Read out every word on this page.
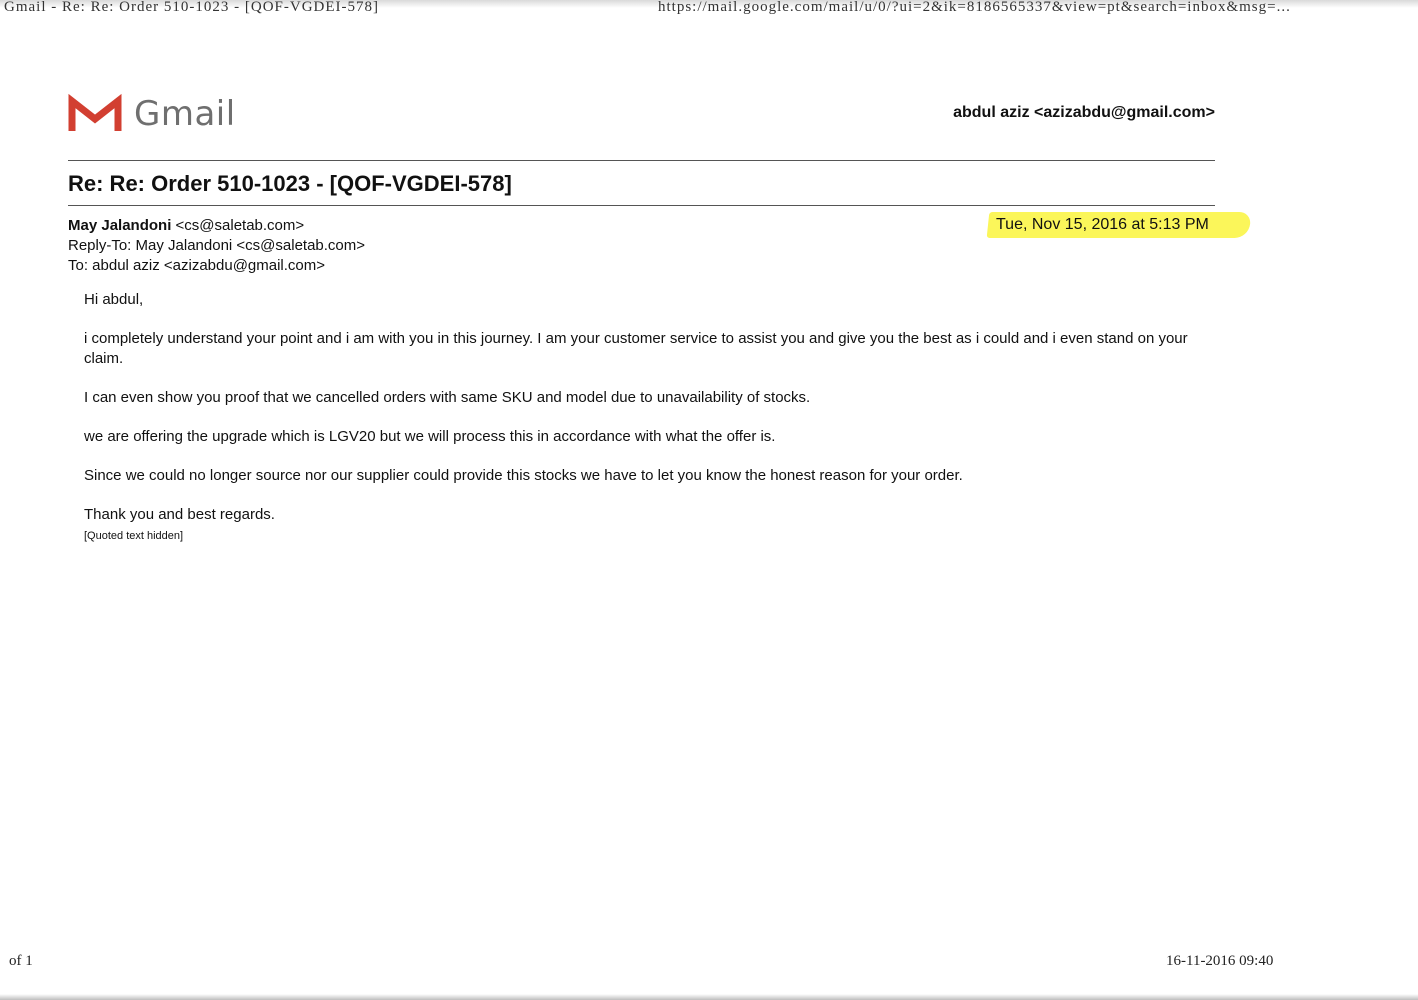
Gmail - Re: Re: Order 510-1023 - [QOF-VGDEI-578]	https://mail.google.com/mail/u/0/?ui=2&ik=8186565337&view=pt&search=inbox&msg=...
Gmail	abdul aziz <azizabdu@gmail.com>
Re: Re: Order 510-1023 - [QOF-VGDEI-578]
May Jalandoni <cs@saletab.com>
Reply-To: May Jalandoni <cs@saletab.com>
To: abdul aziz <azizabdu@gmail.com>
Tue, Nov 15, 2016 at 5:13 PM

Hi abdul,

i completely understand your point and i am with you in this journey. I am your customer service to assist you and give you the best as i could and i even stand on your claim.

I can even show you proof that we cancelled orders with same SKU and model due to unavailability of stocks.

we are offering the upgrade which is LGV20 but we will process this in accordance with what the offer is.

Since we could no longer source nor our supplier could provide this stocks we have to let you know the honest reason for your order.

Thank you and best regards.

[Quoted text hidden]

of 1	16-11-2016 09:40
